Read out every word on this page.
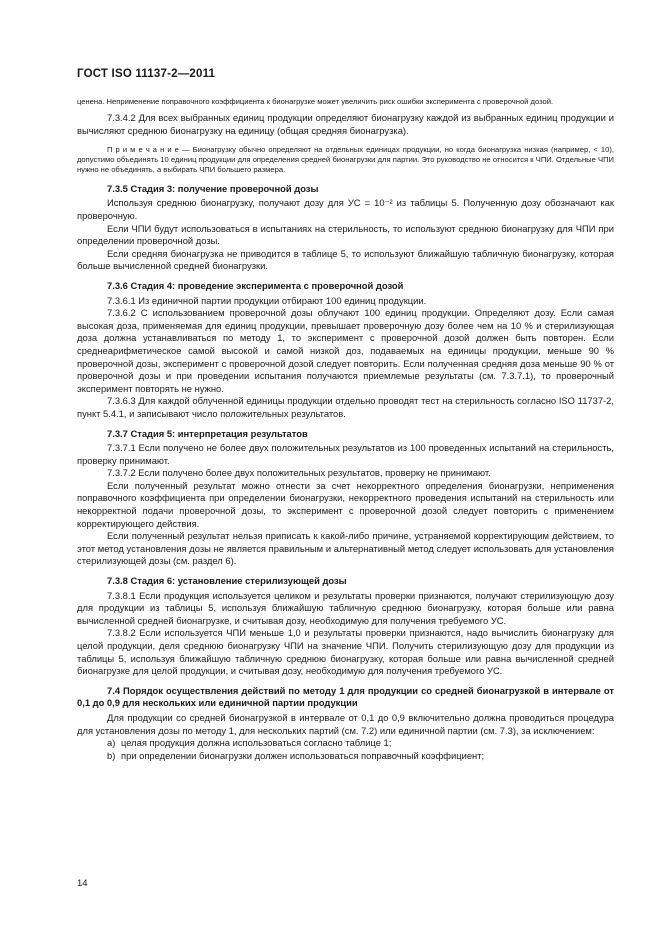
ГОСТ ISO 11137-2—2011

ценена. Неприменение поправочного коэффициента к бионагрузке может увеличить риск ошибки эксперимента с проверочной дозой.

7.3.4.2 Для всех выбранных единиц продукции определяют бионагрузку каждой из выбранных единиц продукции и вычисляют среднюю бионагрузку на единицу (общая средняя бионагрузка).

П р и м е ч а н и е — Бионагрузку обычно определяют на отдельных единицах продукции, но когда бионагрузка низкая (например, < 10), допустимо объединять 10 единиц продукции для определения средней бионагрузки для партии. Это руководство не относится к ЧПИ. Отдельные ЧПИ нужно не объединять, а выбирать ЧПИ большего размера.

7.3.5 Стадия 3: получение проверочной дозы

Используя среднюю бионагрузку, получают дозу для УС = 10⁻² из таблицы 5. Полученную дозу обозначают как проверочную.

Если ЧПИ будут использоваться в испытаниях на стерильность, то используют среднюю бионагрузку для ЧПИ при определении проверочной дозы.

Если средняя бионагрузка не приводится в таблице 5, то используют ближайшую табличную бионагрузку, которая больше вычисленной средней бионагрузки.

7.3.6 Стадия 4: проведение эксперимента с проверочной дозой

7.3.6.1 Из единичной партии продукции отбирают 100 единиц продукции.

7.3.6.2 С использованием проверочной дозы облучают 100 единиц продукции. Определяют дозу. Если самая высокая доза, применяемая для единиц продукции, превышает проверочную дозу более чем на 10 % и стерилизующая доза должна устанавливаться по методу 1, то эксперимент с проверочной дозой должен быть повторен. Если среднеарифметическое самой высокой и самой низкой доз, подаваемых на единицы продукции, меньше 90 % проверочной дозы, эксперимент с проверочной дозой следует повторить. Если полученная средняя доза меньше 90 % от проверочной дозы и при проведении испытания получаются приемлемые результаты (см. 7.3.7.1), то проверочный эксперимент повторять не нужно.

7.3.6.3 Для каждой облученной единицы продукции отдельно проводят тест на стерильность согласно ISO 11737-2, пункт 5.4.1, и записывают число положительных результатов.

7.3.7 Стадия 5: интерпретация результатов

7.3.7.1 Если получено не более двух положительных результатов из 100 проведенных испытаний на стерильность, проверку принимают.

7.3.7.2 Если получено более двух положительных результатов, проверку не принимают.

Если полученный результат можно отнести за счет некорректного определения бионагрузки, неприменения поправочного коэффициента при определении бионагрузки, некорректного проведения испытаний на стерильность или некорректной подачи проверочной дозы, то эксперимент с проверочной дозой следует повторить с применением корректирующего действия.

Если полученный результат нельзя приписать к какой-либо причине, устраняемой корректирующим действием, то этот метод установления дозы не является правильным и альтернативный метод следует использовать для установления стерилизующей дозы (см. раздел 6).

7.3.8 Стадия 6: установление стерилизующей дозы

7.3.8.1 Если продукция используется целиком и результаты проверки признаются, получают стерилизующую дозу для продукции из таблицы 5, используя ближайшую табличную среднюю бионагрузку, которая больше или равна вычисленной средней бионагрузке, и считывая дозу, необходимую для получения требуемого УС.

7.3.8.2 Если используется ЧПИ меньше 1,0 и результаты проверки признаются, надо вычислить бионагрузку для целой продукции, деля среднюю бионагрузку ЧПИ на значение ЧПИ. Получить стерилизующую дозу для продукции из таблицы 5, используя ближайшую табличную среднюю бионагрузку, которая больше или равна вычисленной средней бионагрузке для целой продукции, и считывая дозу, необходимую для получения требуемого УС.

7.4 Порядок осуществления действий по методу 1 для продукции со средней бионагрузкой в интервале от 0,1 до 0,9 для нескольких или единичной партии продукции

Для продукции со средней бионагрузкой в интервале от 0,1 до 0,9 включительно должна проводиться процедура для установления дозы по методу 1, для нескольких партий (см. 7.2) или единичной партии (см. 7.3), за исключением:

a) целая продукция должна использоваться согласно таблице 1;

b) при определении бионагрузки должен использоваться поправочный коэффициент;

14
